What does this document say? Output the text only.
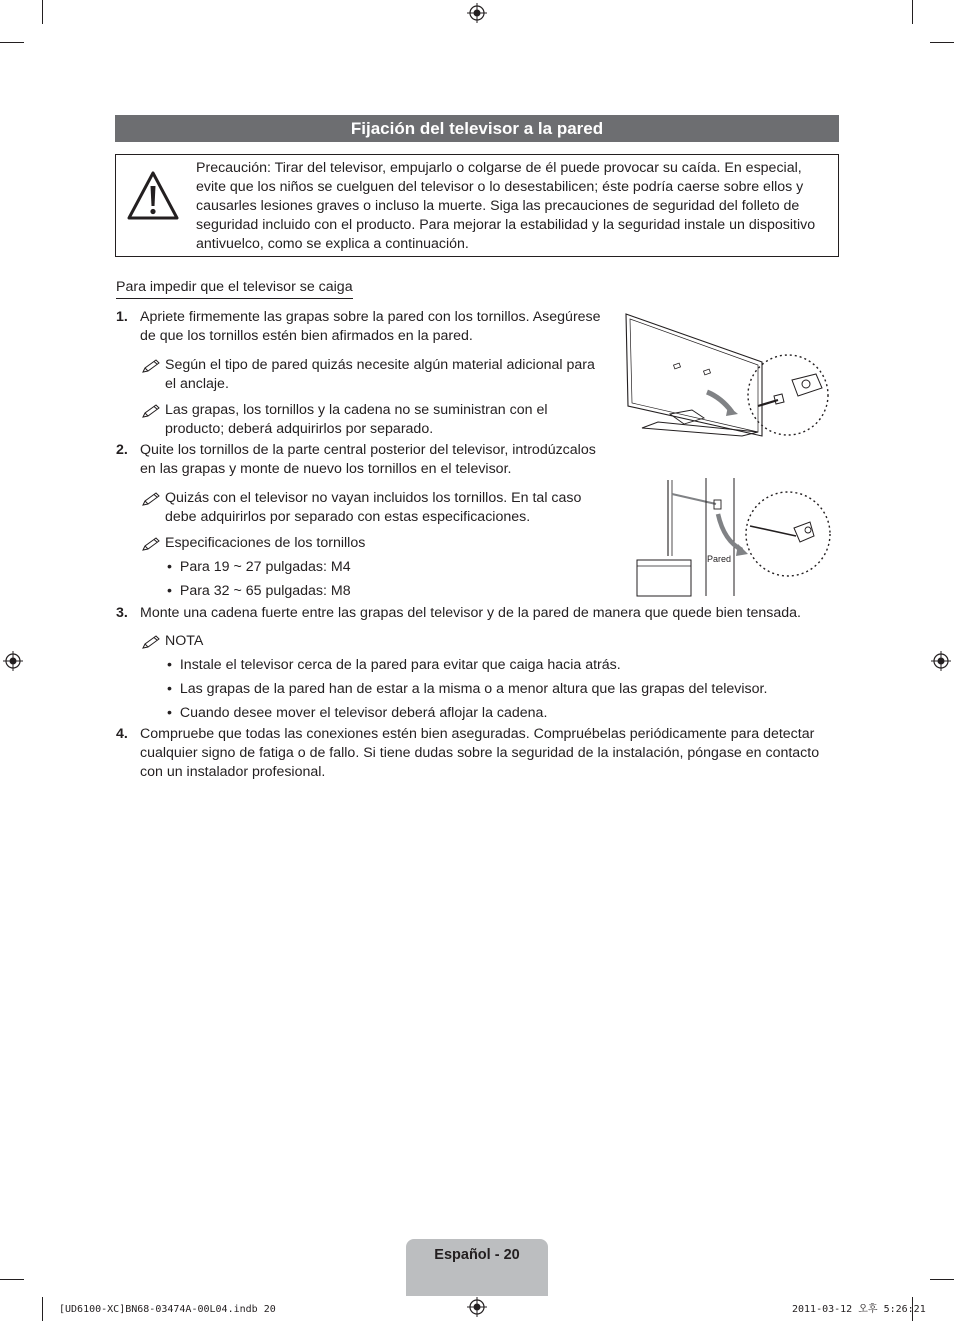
Fijación del televisor a la pared
Precaución: Tirar del televisor, empujarlo o colgarse de él puede provocar su caída. En especial,
evite que los niños se cuelguen del televisor o lo desestabilicen; éste podría caerse sobre ellos y
causarles lesiones graves o incluso la muerte. Siga las precauciones de seguridad del folleto de
seguridad incluido con el producto. Para mejorar la estabilidad y la seguridad instale un dispositivo
antivuelco, como se explica a continuación.
Para impedir que el televisor se caiga
1. Apriete firmemente las grapas sobre la pared con los tornillos. Asegúrese
de que los tornillos estén bien afirmados en la pared.
Según el tipo de pared quizás necesite algún material adicional para
el anclaje.
Las grapas, los tornillos y la cadena no se suministran con el
producto; deberá adquirirlos por separado.
2. Quite los tornillos de la parte central posterior del televisor, introdúzcalos
en las grapas y monte de nuevo los tornillos en el televisor.
Quizás con el televisor no vayan incluidos los tornillos. En tal caso
debe adquirirlos por separado con estas especificaciones.
Especificaciones de los tornillos
•  Para 19 ~ 27 pulgadas: M4
•  Para 32 ~ 65 pulgadas: M8
3. Monte una cadena fuerte entre las grapas del televisor y de la pared de manera que quede bien tensada.
NOTA
•  Instale el televisor cerca de la pared para evitar que caiga hacia atrás.
•  Las grapas de la pared han de estar a la misma o a menor altura que las grapas del televisor.
•  Cuando desee mover el televisor deberá aflojar la cadena.
4. Compruebe que todas las conexiones estén bien aseguradas. Compruébelas periódicamente para detectar
cualquier signo de fatiga o de fallo. Si tiene dudas sobre la seguridad de la instalación, póngase en contacto
con un instalador profesional.
Pared
Español - 20
[UD6100-XC]BN68-03474A-00L04.indb 20	2011-03-12 오후 5:26:21
